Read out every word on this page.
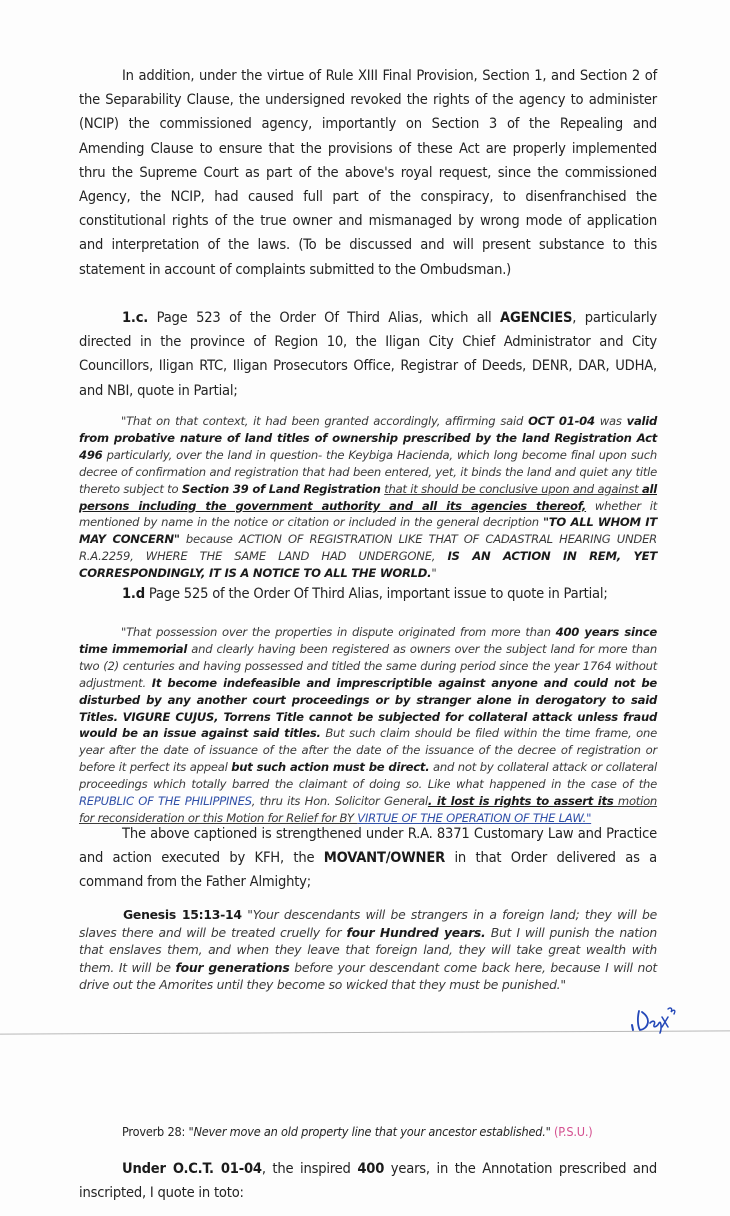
In addition, under the virtue of Rule XIII Final Provision, Section 1, and Section 2 of the Separability Clause, the undersigned revoked the rights of the agency to administer (NCIP) the commissioned agency, importantly on Section 3 of the Repealing and Amending Clause to ensure that the provisions of these Act are properly implemented thru the Supreme Court as part of the above's royal request, since the commissioned Agency, the NCIP, had caused full part of the conspiracy, to disenfranchised the constitutional rights of the true owner and mismanaged by wrong mode of application and interpretation of the laws. (To be discussed and will present substance to this statement in account of complaints submitted to the Ombudsman.)

1.c. Page 523 of the Order Of Third Alias, which all AGENCIES, particularly directed in the province of Region 10, the Iligan City Chief Administrator and City Councillors, Iligan RTC, Iligan Prosecutors Office, Registrar of Deeds, DENR, DAR, UDHA, and NBI, quote in Partial;

"That on that context, it had been granted accordingly, affirming said OCT 01-04 was valid from probative nature of land titles of ownership prescribed by the land Registration Act 496 particularly, over the land in question- the Keybiga Hacienda, which long become final upon such decree of confirmation and registration that had been entered, yet, it binds the land and quiet any title thereto subject to Section 39 of Land Registration that it should be conclusive upon and against all persons including the government authority and all its agencies thereof, whether it mentioned by name in the notice or citation or included in the general decription "TO ALL WHOM IT MAY CONCERN" because ACTION OF REGISTRATION LIKE THAT OF CADASTRAL HEARING UNDER R.A.2259, WHERE THE SAME LAND HAD UNDERGONE, IS AN ACTION IN REM, YET CORRESPONDINGLY, IT IS A NOTICE TO ALL THE WORLD."

1.d Page 525 of the Order Of Third Alias, important issue to quote in Partial;

"That possession over the properties in dispute originated from more than 400 years since time immemorial and clearly having been registered as owners over the subject land for more than two (2) centuries and having possessed and titled the same during period since the year 1764 without adjustment. It become indefeasible and imprescriptible against anyone and could not be disturbed by any another court proceedings or by stranger alone in derogatory to said Titles. VIGURE CUJUS, Torrens Title cannot be subjected for collateral attack unless fraud would be an issue against said titles. But such claim should be filed within the time frame, one year after the date of issuance of the after the date of the issuance of the decree of registration or before it perfect its appeal but such action must be direct. and not by collateral attack or collateral proceedings which totally barred the claimant of doing so. Like what happened in the case of the REPUBLIC OF THE PHILIPPINES, thru its Hon. Solicitor General. it lost is rights to assert its motion for reconsideration or this Motion for Relief for BY VIRTUE OF THE OPERATION OF THE LAW."

The above captioned is strengthened under R.A. 8371 Customary Law and Practice and action executed by KFH, the MOVANT/OWNER in that Order delivered as a command from the Father Almighty;

Genesis 15:13-14 "Your descendants will be strangers in a foreign land; they will be slaves there and will be treated cruelly for four Hundred years. But I will punish the nation that enslaves them, and when they leave that foreign land, they will take great wealth with them. It will be four generations before your descendant come back here, because I will not drive out the Amorites until they become so wicked that they must be punished."

Proverb 28: "Never move an old property line that your ancestor established." (P.S.U.)

Under O.C.T. 01-04, the inspired 400 years, in the Annotation prescribed and inscripted, I quote in toto:
